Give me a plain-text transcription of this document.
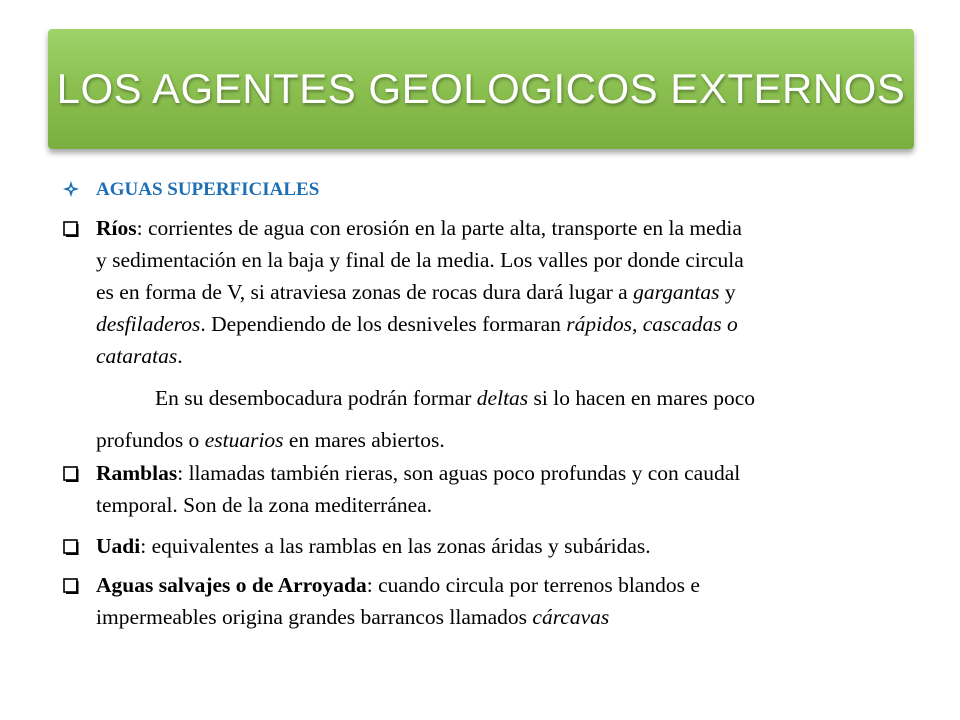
LOS AGENTES GEOLOGICOS EXTERNOS
AGUAS SUPERFICIALES
Ríos: corrientes de agua con erosión en la parte alta, transporte en la media
y sedimentación en la baja y final de la media. Los valles por donde circula
es en forma de V, si atraviesa zonas de rocas dura dará lugar a gargantas y
desfiladeros. Dependiendo de los desniveles formaran rápidos, cascadas o
cataratas.
En su desembocadura podrán formar deltas si lo hacen en mares poco
profundos o estuarios en mares abiertos.
Ramblas: llamadas también rieras, son aguas poco profundas y con caudal
temporal. Son de la zona mediterránea.
Uadi: equivalentes a las ramblas en las zonas áridas y subáridas.
Aguas salvajes o de Arroyada: cuando circula por terrenos blandos e
impermeables origina grandes barrancos llamados cárcavas
